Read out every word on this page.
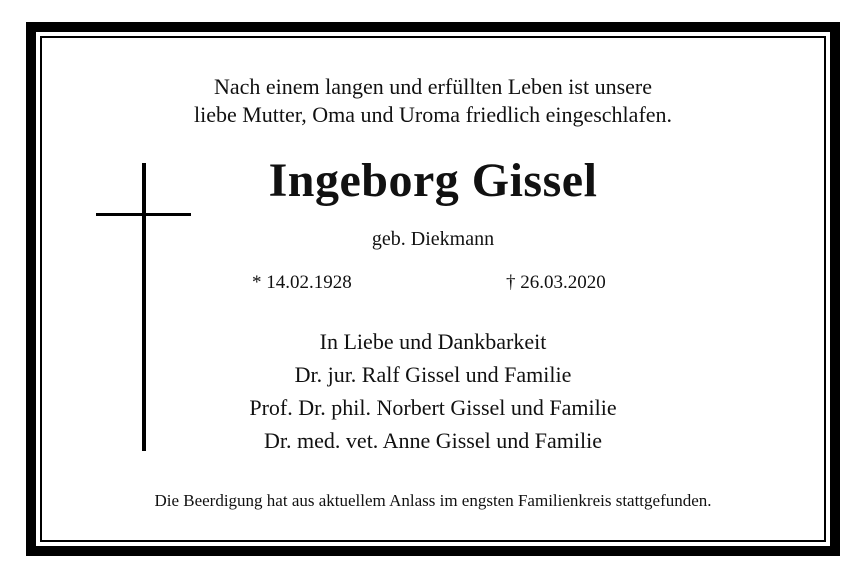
Nach einem langen und erfüllten Leben ist unsere
liebe Mutter, Oma und Uroma friedlich eingeschlafen.
Ingeborg Gissel
geb. Diekmann
* 14.02.1928	† 26.03.2020
In Liebe und Dankbarkeit
Dr. jur. Ralf Gissel und Familie
Prof. Dr. phil. Norbert Gissel und Familie
Dr. med. vet. Anne Gissel und Familie
Die Beerdigung hat aus aktuellem Anlass im engsten Familienkreis stattgefunden.
